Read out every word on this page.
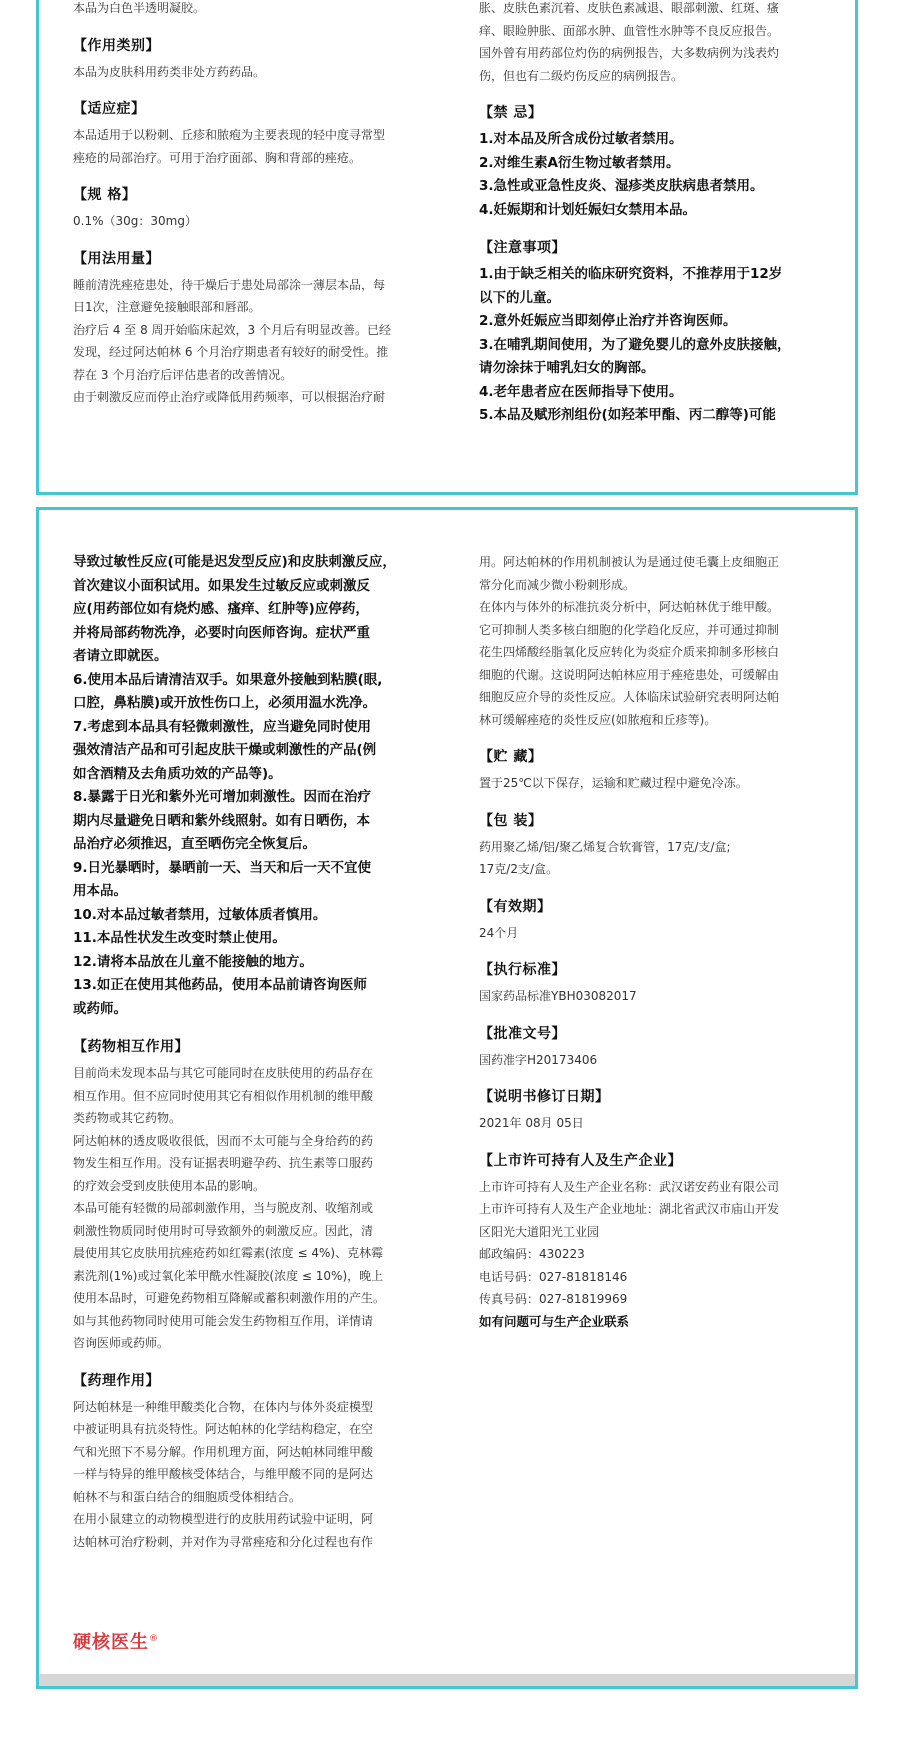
本品为白色半透明凝胶。
【作用类别】
本品为皮肤科用药类非处方药药品。
【适应症】
本品适用于以粉刺、丘疹和脓疱为主要表现的轻中度寻常型
痤疮的局部治疗。可用于治疗面部、胸和背部的痤疮。
【规 格】
0.1%（30g：30mg）
【用法用量】
睡前清洗痤疮患处，待干燥后于患处局部涂一薄层本品，每
日1次，注意避免接触眼部和唇部。
治疗后 4 至 8 周开始临床起效，3 个月后有明显改善。已经
发现，经过阿达帕林 6 个月治疗期患者有较好的耐受性。推
荐在 3 个月治疗后评估患者的改善情况。
由于刺激反应而停止治疗或降低用药频率，可以根据治疗耐
胀、皮肤色素沉着、皮肤色素减退、眼部刺激、红斑、瘙
痒、眼睑肿胀、面部水肿、血管性水肿等不良反应报告。
国外曾有用药部位灼伤的病例报告，大多数病例为浅表灼
伤，但也有二级灼伤反应的病例报告。
【禁 忌】
1.对本品及所含成份过敏者禁用。
2.对维生素A衍生物过敏者禁用。
3.急性或亚急性皮炎、湿疹类皮肤病患者禁用。
4.妊娠期和计划妊娠妇女禁用本品。
【注意事项】
1.由于缺乏相关的临床研究资料，不推荐用于12岁
以下的儿童。
2.意外妊娠应当即刻停止治疗并咨询医师。
3.在哺乳期间使用，为了避免婴儿的意外皮肤接触，
请勿涂抹于哺乳妇女的胸部。
4.老年患者应在医师指导下使用。
5.本品及赋形剂组份(如羟苯甲酯、丙二醇等)可能
导致过敏性反应(可能是迟发型反应)和皮肤刺激反应，
首次建议小面积试用。如果发生过敏反应或刺激反
应(用药部位如有烧灼感、瘙痒、红肿等)应停药，
并将局部药物洗净，必要时向医师咨询。症状严重
者请立即就医。
6.使用本品后请清洁双手。如果意外接触到粘膜(眼,
口腔，鼻粘膜)或开放性伤口上，必须用温水洗净。
7.考虑到本品具有轻微刺激性，应当避免同时使用
强效清洁产品和可引起皮肤干燥或刺激性的产品(例
如含酒精及去角质功效的产品等)。
8.暴露于日光和紫外光可增加刺激性。因而在治疗
期内尽量避免日晒和紫外线照射。如有日晒伤，本
品治疗必须推迟，直至晒伤完全恢复后。
9.日光暴晒时，暴晒前一天、当天和后一天不宜使
用本品。
10.对本品过敏者禁用，过敏体质者慎用。
11.本品性状发生改变时禁止使用。
12.请将本品放在儿童不能接触的地方。
13.如正在使用其他药品，使用本品前请咨询医师
或药师。
【药物相互作用】
目前尚未发现本品与其它可能同时在皮肤使用的药品存在
相互作用。但不应同时使用其它有相似作用机制的维甲酸
类药物或其它药物。
阿达帕林的透皮吸收很低，因而不太可能与全身给药的药
物发生相互作用。没有证据表明避孕药、抗生素等口服药
的疗效会受到皮肤使用本品的影响。
本品可能有轻微的局部刺激作用，当与脱皮剂、收缩剂或
刺激性物质同时使用时可导致额外的刺激反应。因此，清
晨使用其它皮肤用抗痤疮药如红霉素(浓度 ≤ 4%)、克林霉
素洗剂(1%)或过氧化苯甲酰水性凝胶(浓度 ≤ 10%)，晚上
使用本品时，可避免药物相互降解或蓄积刺激作用的产生。
如与其他药物同时使用可能会发生药物相互作用，详情请
咨询医师或药师。
【药理作用】
阿达帕林是一种维甲酸类化合物，在体内与体外炎症模型
中被证明具有抗炎特性。阿达帕林的化学结构稳定，在空
气和光照下不易分解。作用机理方面，阿达帕林同维甲酸
一样与特异的维甲酸核受体结合，与维甲酸不同的是阿达
帕林不与和蛋白结合的细胞质受体相结合。
在用小鼠建立的动物模型进行的皮肤用药试验中证明，阿
达帕林可治疗粉刺，并对作为寻常痤疮和分化过程也有作
用。阿达帕林的作用机制被认为是通过使毛囊上皮细胞正
常分化而减少微小粉刺形成。
在体内与体外的标准抗炎分析中，阿达帕林优于维甲酸。
它可抑制人类多核白细胞的化学趋化反应，并可通过抑制
花生四烯酸经脂氧化反应转化为炎症介质来抑制多形核白
细胞的代谢。这说明阿达帕林应用于痤疮患处，可缓解由
细胞反应介导的炎性反应。人体临床试验研究表明阿达帕
林可缓解痤疮的炎性反应(如脓疱和丘疹等)。
【贮 藏】
置于25℃以下保存，运输和贮藏过程中避免冷冻。
【包 装】
药用聚乙烯/铝/聚乙烯复合软膏管，17克/支/盒;
17克/2支/盒。
【有效期】
24个月
【执行标准】
国家药品标准YBH03082017
【批准文号】
国药准字H20173406
【说明书修订日期】
2021年 08月 05日
【上市许可持有人及生产企业】
上市许可持有人及生产企业名称：武汉诺安药业有限公司
上市许可持有人及生产企业地址：湖北省武汉市庙山开发
区阳光大道阳光工业园
邮政编码：430223
电话号码：027-81818146
传真号码：027-81819969
如有问题可与生产企业联系
硬核医生®
